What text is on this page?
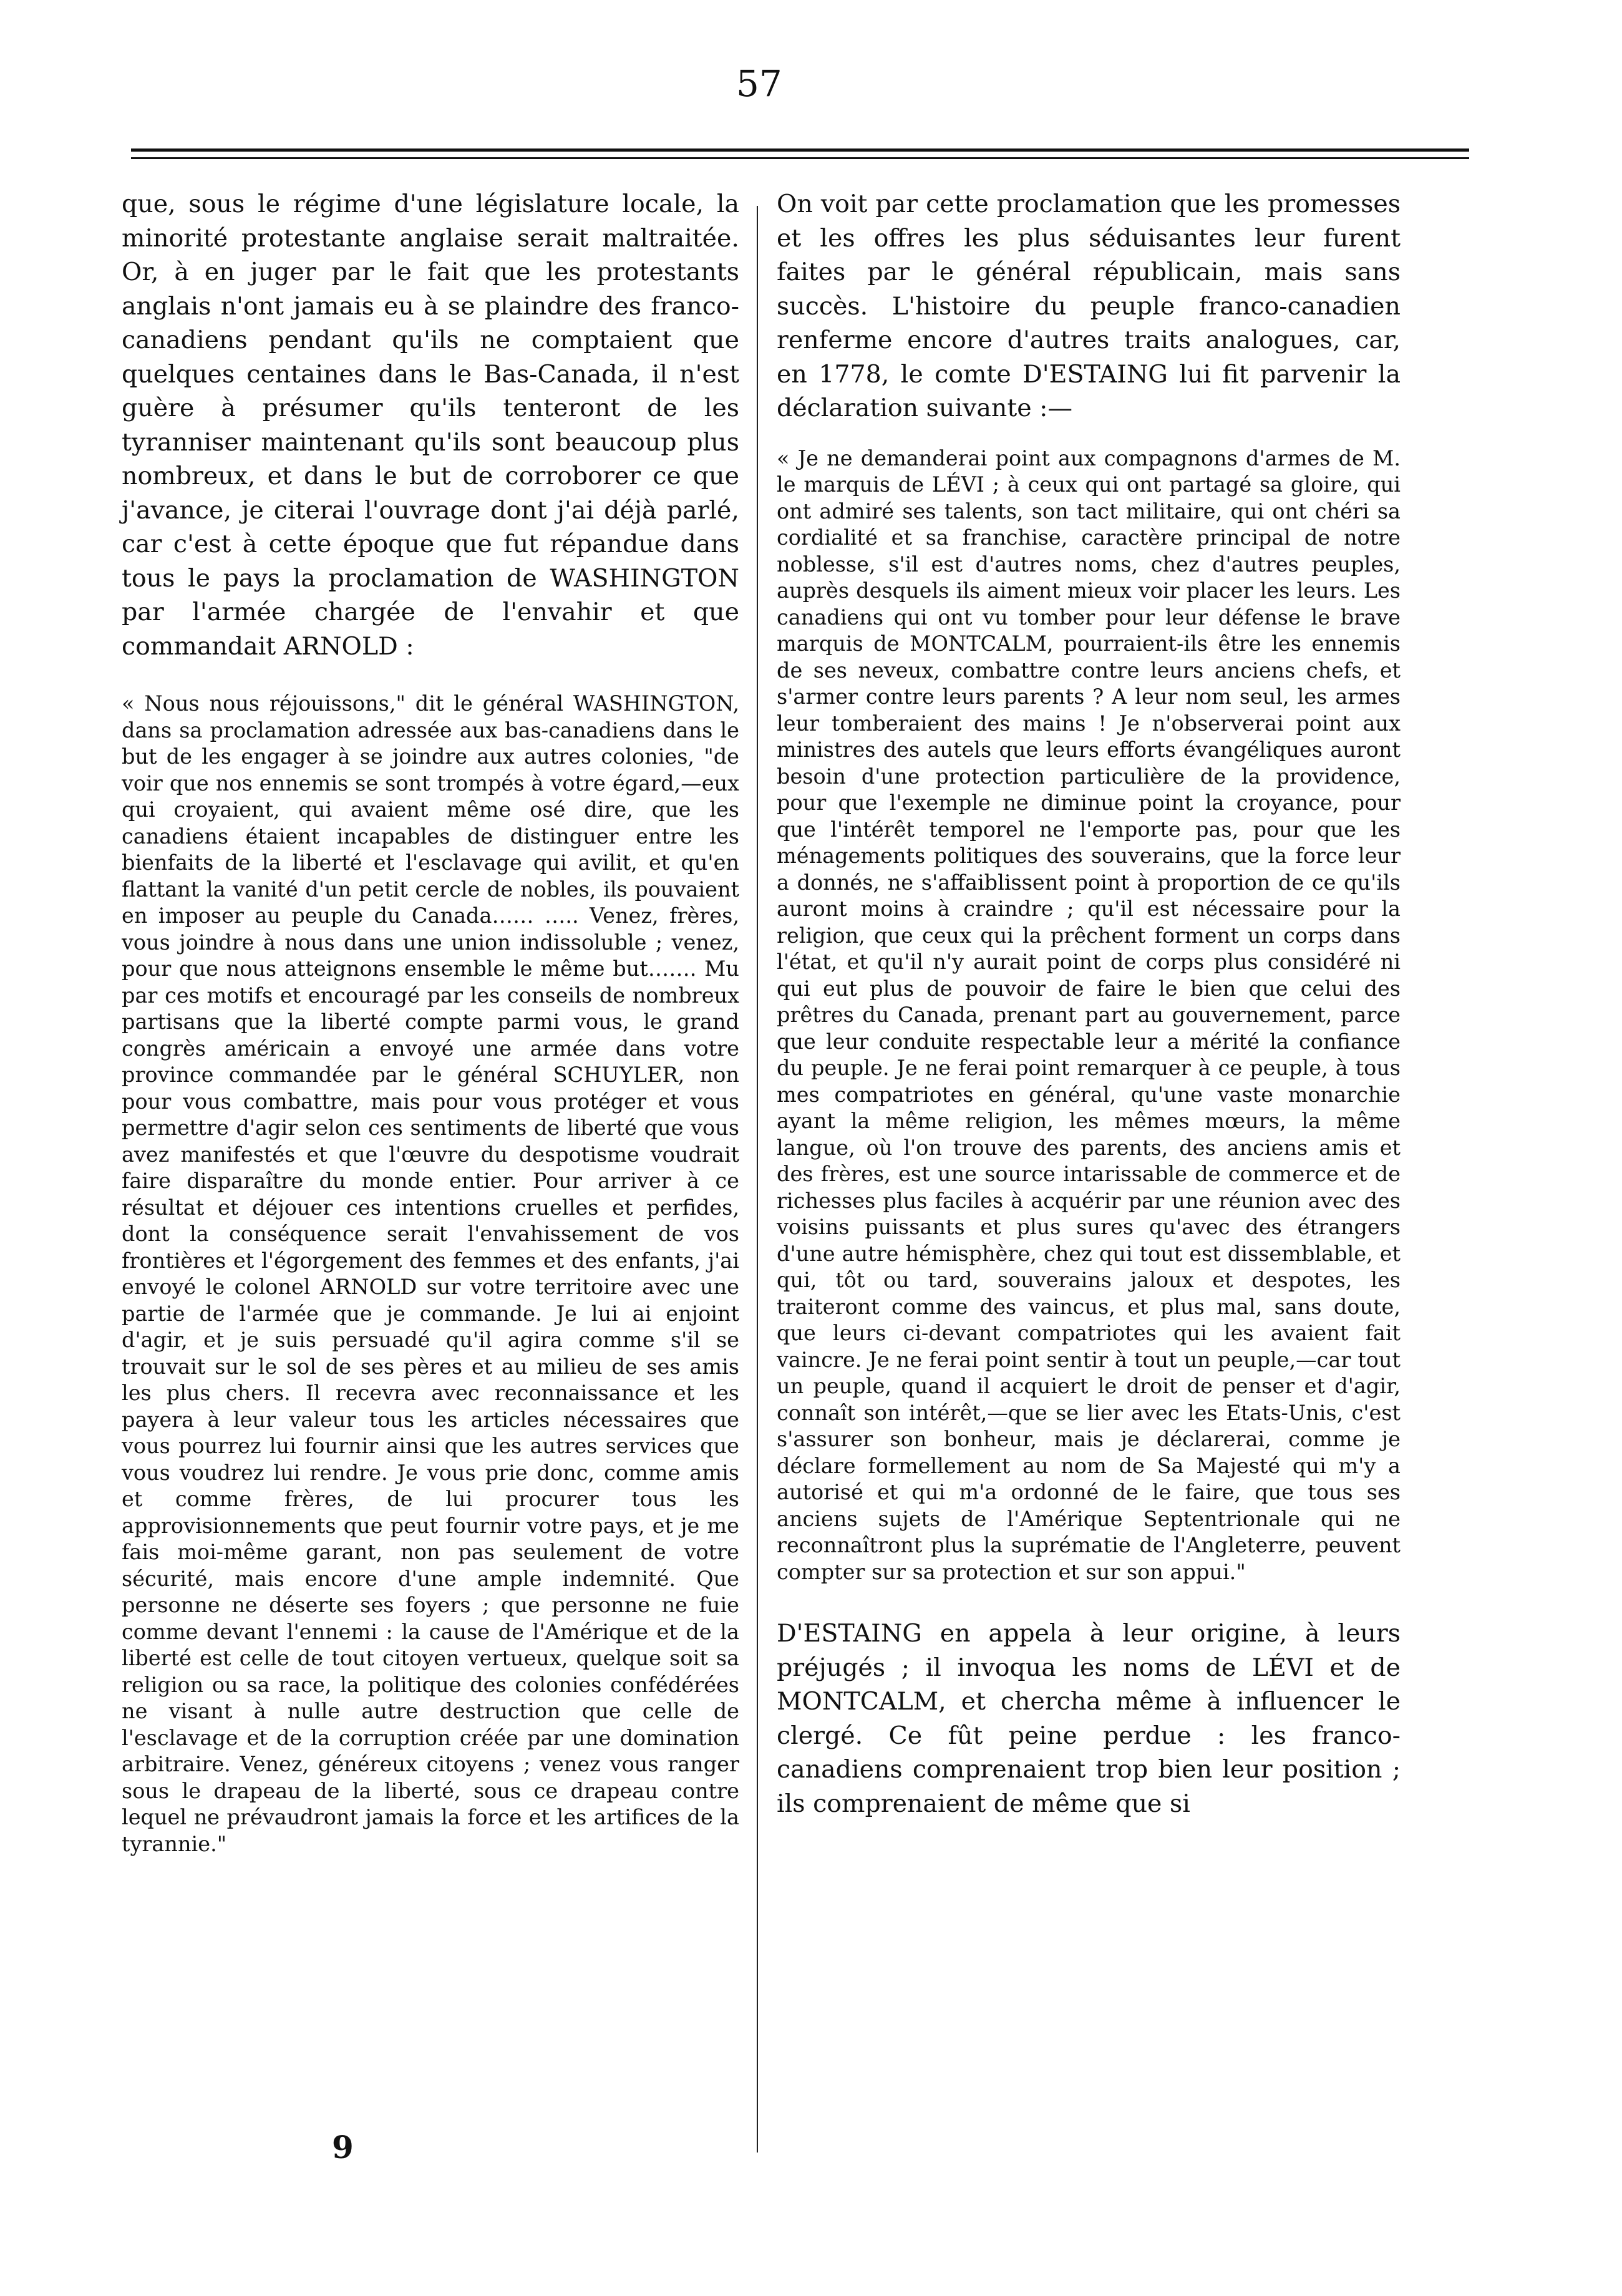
57

que, sous le régime d'une législature locale, la minorité protestante anglaise serait maltraitée. Or, à en juger par le fait que les protestants anglais n'ont jamais eu à se plaindre des franco-canadiens pendant qu'ils ne comptaient que quelques centaines dans le Bas-Canada, il n'est guère à présumer qu'ils tenteront de les tyranniser maintenant qu'ils sont beaucoup plus nombreux, et dans le but de corroborer ce que j'avance, je citerai l'ouvrage dont j'ai déjà parlé, car c'est à cette époque que fut répandue dans tous le pays la proclamation de WASHINGTON par l'armée chargée de l'envahir et que commandait ARNOLD :

« Nous nous réjouissons," dit le général WASHINGTON, dans sa proclamation adressée aux bas-canadiens dans le but de les engager à se joindre aux autres colonies, "de voir que nos ennemis se sont trompés à votre égard,—eux qui croyaient, qui avaient même osé dire, que les canadiens étaient incapables de distinguer entre les bienfaits de la liberté et l'esclavage qui avilit, et qu'en flattant la vanité d'un petit cercle de nobles, ils pouvaient en imposer au peuple du Canada…… ….. Venez, frères, vous joindre à nous dans une union indissoluble ; venez, pour que nous atteignons ensemble le même but……. Mu par ces motifs et encouragé par les conseils de nombreux partisans que la liberté compte parmi vous, le grand congrès américain a envoyé une armée dans votre province commandée par le général SCHUYLER, non pour vous combattre, mais pour vous protéger et vous permettre d'agir selon ces sentiments de liberté que vous avez manifestés et que l'œuvre du despotisme voudrait faire disparaître du monde entier. Pour arriver à ce résultat et déjouer ces intentions cruelles et perfides, dont la conséquence serait l'envahissement de vos frontières et l'égorgement des femmes et des enfants, j'ai envoyé le colonel ARNOLD sur votre territoire avec une partie de l'armée que je commande. Je lui ai enjoint d'agir, et je suis persuadé qu'il agira comme s'il se trouvait sur le sol de ses pères et au milieu de ses amis les plus chers. Il recevra avec reconnaissance et les payera à leur valeur tous les articles nécessaires que vous pourrez lui fournir ainsi que les autres services que vous voudrez lui rendre. Je vous prie donc, comme amis et comme frères, de lui procurer tous les approvisionnements que peut fournir votre pays, et je me fais moi-même garant, non pas seulement de votre sécurité, mais encore d'une ample indemnité. Que personne ne déserte ses foyers ; que personne ne fuie comme devant l'ennemi : la cause de l'Amérique et de la liberté est celle de tout citoyen vertueux, quelque soit sa religion ou sa race, la politique des colonies confédérées ne visant à nulle autre destruction que celle de l'esclavage et de la corruption créée par une domination arbitraire. Venez, généreux citoyens ; venez vous ranger sous le drapeau de la liberté, sous ce drapeau contre lequel ne prévaudront jamais la force et les artifices de la tyrannie."

On voit par cette proclamation que les promesses et les offres les plus séduisantes leur furent faites par le général républicain, mais sans succès. L'histoire du peuple franco-canadien renferme encore d'autres traits analogues, car, en 1778, le comte D'ESTAING lui fit parvenir la déclaration suivante :—

« Je ne demanderai point aux compagnons d'armes de M. le marquis de LÉVI ; à ceux qui ont partagé sa gloire, qui ont admiré ses talents, son tact militaire, qui ont chéri sa cordialité et sa franchise, caractère principal de notre noblesse, s'il est d'autres noms, chez d'autres peuples, auprès desquels ils aiment mieux voir placer les leurs. Les canadiens qui ont vu tomber pour leur défense le brave marquis de MONTCALM, pourraient-ils être les ennemis de ses neveux, combattre contre leurs anciens chefs, et s'armer contre leurs parents ? A leur nom seul, les armes leur tomberaient des mains ! Je n'observerai point aux ministres des autels que leurs efforts évangéliques auront besoin d'une protection particulière de la providence, pour que l'exemple ne diminue point la croyance, pour que l'intérêt temporel ne l'emporte pas, pour que les ménagements politiques des souverains, que la force leur a donnés, ne s'affaiblissent point à proportion de ce qu'ils auront moins à craindre ; qu'il est nécessaire pour la religion, que ceux qui la prêchent forment un corps dans l'état, et qu'il n'y aurait point de corps plus considéré ni qui eut plus de pouvoir de faire le bien que celui des prêtres du Canada, prenant part au gouvernement, parce que leur conduite respectable leur a mérité la confiance du peuple. Je ne ferai point remarquer à ce peuple, à tous mes compatriotes en général, qu'une vaste monarchie ayant la même religion, les mêmes mœurs, la même langue, où l'on trouve des parents, des anciens amis et des frères, est une source intarissable de commerce et de richesses plus faciles à acquérir par une réunion avec des voisins puissants et plus sures qu'avec des étrangers d'une autre hémisphère, chez qui tout est dissemblable, et qui, tôt ou tard, souverains jaloux et despotes, les traiteront comme des vaincus, et plus mal, sans doute, que leurs ci-devant compatriotes qui les avaient fait vaincre. Je ne ferai point sentir à tout un peuple,—car tout un peuple, quand il acquiert le droit de penser et d'agir, connaît son intérêt,—que se lier avec les Etats-Unis, c'est s'assurer son bonheur, mais je déclarerai, comme je déclare formellement au nom de Sa Majesté qui m'y a autorisé et qui m'a ordonné de le faire, que tous ses anciens sujets de l'Amérique Septentrionale qui ne reconnaîtront plus la suprématie de l'Angleterre, peuvent compter sur sa protection et sur son appui."

D'ESTAING en appela à leur origine, à leurs préjugés ; il invoqua les noms de LÉVI et de MONTCALM, et chercha même à influencer le clergé. Ce fût peine perdue : les franco-canadiens comprenaient trop bien leur position ; ils comprenaient de même que si

9
